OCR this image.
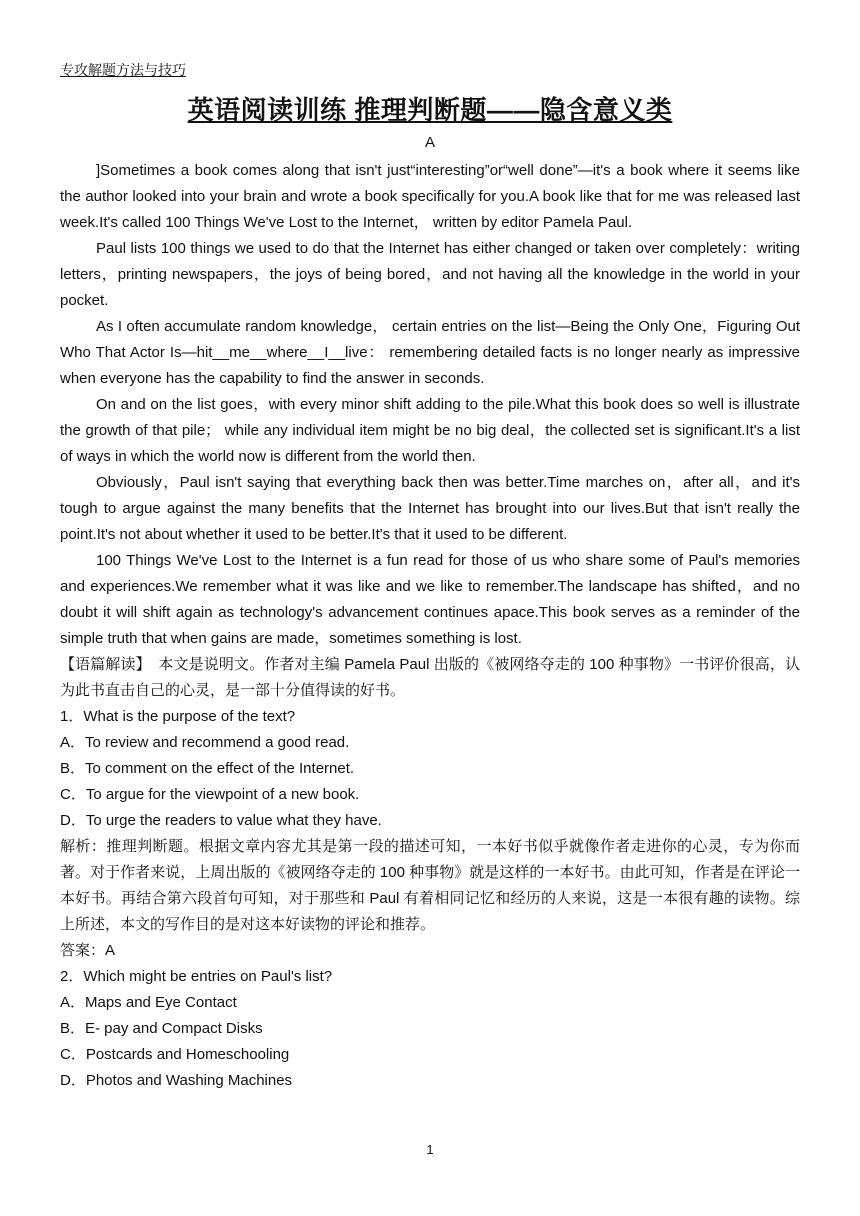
专攻解题方法与技巧
英语阅读训练 推理判断题——隐含意义类
A

]Sometimes a book comes along that isn't just“interesting”or“well done”—it's a book where it seems like the author looked into your brain and wrote a book specifically for you.A book like that for me was released last week.It's called 100 Things We've Lost to the Internet， written by editor Pamela Paul.

Paul lists 100 things we used to do that the Internet has either changed or taken over completely：writing letters，printing newspapers，the joys of being bored，and not having all the knowledge in the world in your pocket.

As I often accumulate random knowledge， certain entries on the list—Being the Only One，Figuring Out Who That Actor Is—hit__me__where__I__live： remembering detailed facts is no longer nearly as impressive when everyone has the capability to find the answer in seconds.

On and on the list goes，with every minor shift adding to the pile.What this book does so well is illustrate the growth of that pile； while any individual item might be no big deal，the collected set is significant.It's a list of ways in which the world now is different from the world then.

Obviously，Paul isn't saying that everything back then was better.Time marches on，after all，and it's tough to argue against the many benefits that the Internet has brought into our lives.But that isn't really the point.It's not about whether it used to be better.It's that it used to be different.

100 Things We've Lost to the Internet is a fun read for those of us who share some of Paul's memories and experiences.We remember what it was like and we like to remember.The landscape has shifted，and no doubt it will shift again as technology's advancement continues apace.This book serves as a reminder of the simple truth that when gains are made，sometimes something is lost.

【语篇解读】　本文是说明文。作者对主编 Pamela Paul 出版的《被网络夺走的 100 种事物》一书评价很高，认为此书直击自己的心灵，是一部十分值得读的好书。

1．What is the purpose of the text?

A．To review and recommend a good read.

B．To comment on the effect of the Internet.

C．To argue for the viewpoint of a new book.

D．To urge the readers to value what they have.

解析：推理判断题。根据文章内容尤其是第一段的描述可知，一本好书似乎就像作者走进你的心灵，专为你而著。对于作者来说，上周出版的《被网络夺走的 100 种事物》就是这样的一本好书。由此可知，作者是在评论一本好书。再结合第六段首句可知，对于那些和 Paul 有着相同记忆和经历的人来说，这是一本很有趣的读物。综上所述，本文的写作目的是对这本好读物的评论和推荐。

答案：A

2．Which might be entries on Paul's list?

A．Maps and Eye Contact

B．E- pay and Compact Disks

C．Postcards and Homeschooling

D．Photos and Washing Machines

1
